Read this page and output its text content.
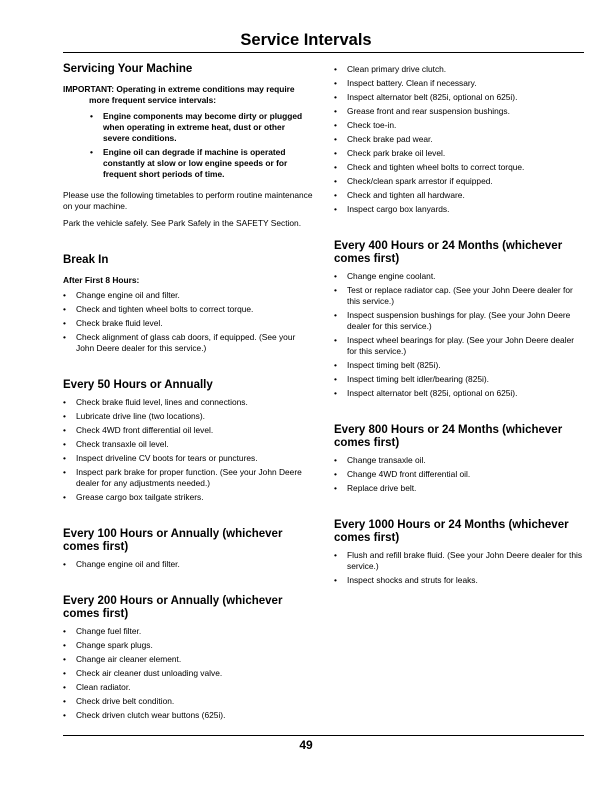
Service Intervals
Servicing Your Machine
IMPORTANT: Operating in extreme conditions may require more frequent service intervals:
• Engine components may become dirty or plugged when operating in extreme heat, dust or other severe conditions.
• Engine oil can degrade if machine is operated constantly at slow or low engine speeds or for frequent short periods of time.
Please use the following timetables to perform routine maintenance on your machine.
Park the vehicle safely. See Park Safely in the SAFETY Section.
Break In
After First 8 Hours:
• Change engine oil and filter.
• Check and tighten wheel bolts to correct torque.
• Check brake fluid level.
• Check alignment of glass cab doors, if equipped. (See your John Deere dealer for this service.)
Every 50 Hours or Annually
• Check brake fluid level, lines and connections.
• Lubricate drive line (two locations).
• Check 4WD front differential oil level.
• Check transaxle oil level.
• Inspect driveline CV boots for tears or punctures.
• Inspect park brake for proper function. (See your John Deere dealer for any adjustments needed.)
• Grease cargo box tailgate strikers.
Every 100 Hours or Annually (whichever comes first)
• Change engine oil and filter.
Every 200 Hours or Annually (whichever comes first)
• Change fuel filter.
• Change spark plugs.
• Change air cleaner element.
• Check air cleaner dust unloading valve.
• Clean radiator.
• Check drive belt condition.
• Check driven clutch wear buttons (625i).
• Clean primary drive clutch.
• Inspect battery. Clean if necessary.
• Inspect alternator belt (825i, optional on 625i).
• Grease front and rear suspension bushings.
• Check toe-in.
• Check brake pad wear.
• Check park brake oil level.
• Check and tighten wheel bolts to correct torque.
• Check/clean spark arrestor if equipped.
• Check and tighten all hardware.
• Inspect cargo box lanyards.
Every 400 Hours or 24 Months (whichever comes first)
• Change engine coolant.
• Test or replace radiator cap. (See your John Deere dealer for this service.)
• Inspect suspension bushings for play. (See your John Deere dealer for this service.)
• Inspect wheel bearings for play. (See your John Deere dealer for this service.)
• Inspect timing belt (825i).
• Inspect timing belt idler/bearing (825i).
• Inspect alternator belt (825i, optional on 625i).
Every 800 Hours or 24 Months (whichever comes first)
• Change transaxle oil.
• Change 4WD front differential oil.
• Replace drive belt.
Every 1000 Hours or 24 Months (whichever comes first)
• Flush and refill brake fluid. (See your John Deere dealer for this service.)
• Inspect shocks and struts for leaks.
49
